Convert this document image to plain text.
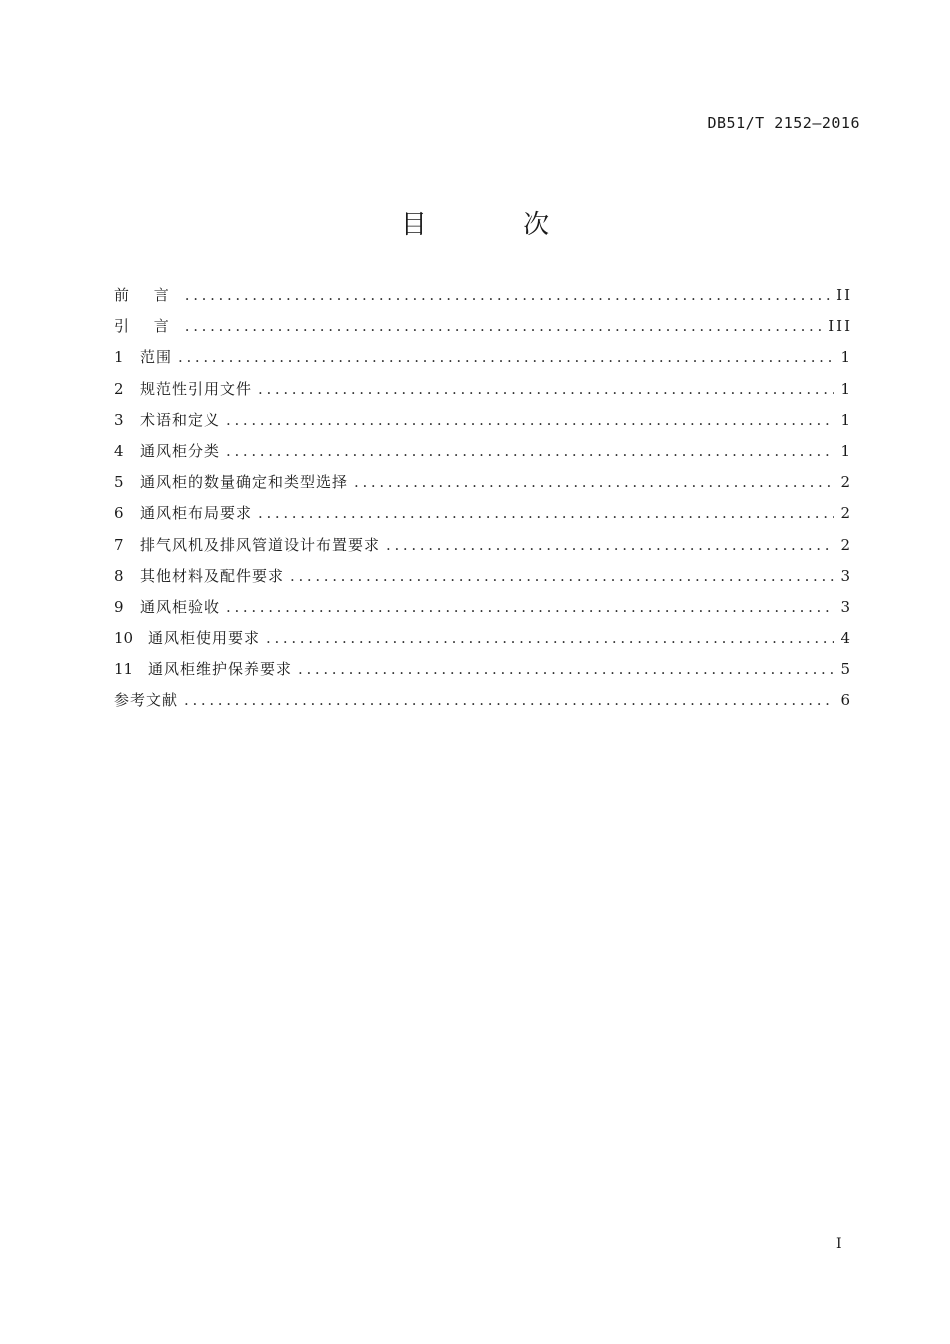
DB51/T 2152—2016
目 次
前 言 . . .	II
引 言 . . .	III
1	范围 . . .	1
2	规范性引用文件 . . .	1
3	术语和定义 . . .	1
4	通风柜分类 . . .	1
5	通风柜的数量确定和类型选择 . . .	2
6	通风柜布局要求 . . .	2
7	排气风机及排风管道设计布置要求 . . .	2
8	其他材料及配件要求 . . .	3
9	通风柜验收 . . .	3
10 通风柜使用要求 . . .	4
11 通风柜维护保养要求 . . .	5
参考文献 . . .	6
I
